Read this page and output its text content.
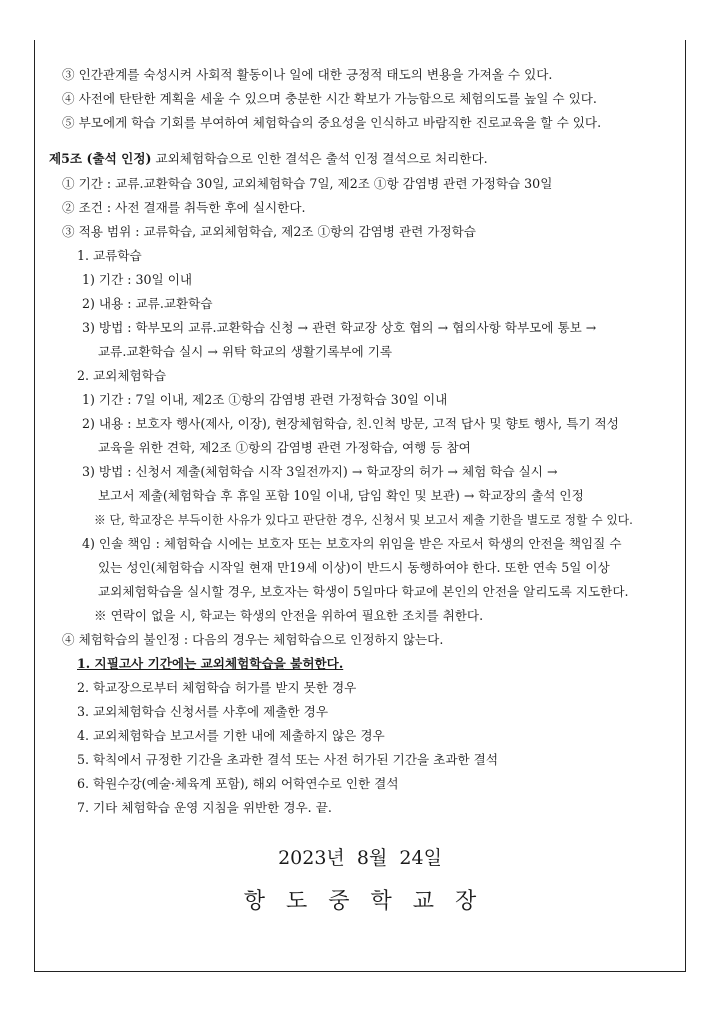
③ 인간관계를 숙성시켜 사회적 활동이나 일에 대한 긍정적 태도의 변용을 가져올 수 있다.
④ 사전에 탄탄한 계획을 세울 수 있으며 충분한 시간 확보가 가능함으로 체험의도를 높일 수 있다.
⑤ 부모에게 학습 기회를 부여하여 체험학습의 중요성을 인식하고 바람직한 진로교육을 할 수 있다.
제5조 (출석 인정) 교외체험학습으로 인한 결석은 출석 인정 결석으로 처리한다.
① 기간 : 교류.교환학습 30일, 교외체험학습 7일, 제2조 ①항 감염병 관련 가정학습 30일
② 조건 : 사전 결재를 취득한 후에 실시한다.
③ 적용 범위 : 교류학습, 교외체험학습, 제2조 ①항의 감염병 관련 가정학습
1. 교류학습
1) 기간 : 30일 이내
2) 내용 : 교류.교환학습
3) 방법 : 학부모의 교류.교환학습 신청 → 관련 학교장 상호 협의 → 협의사항 학부모에 통보 →
교류.교환학습 실시 → 위탁 학교의 생활기록부에 기록
2. 교외체험학습
1) 기간 : 7일 이내, 제2조 ①항의 감염병 관련 가정학습 30일 이내
2) 내용 : 보호자 행사(제사, 이장), 현장체험학습, 친.인척 방문, 고적 답사 및 향토 행사, 특기 적성
교육을 위한 견학, 제2조 ①항의 감염병 관련 가정학습, 여행 등 참여
3) 방법 : 신청서 제출(체험학습 시작 3일전까지) → 학교장의 허가 → 체험 학습 실시 →
보고서 제출(체험학습 후 휴일 포함 10일 이내, 담임 확인 및 보관) → 학교장의 출석 인정
※ 단, 학교장은 부득이한 사유가 있다고 판단한 경우, 신청서 및 보고서 제출 기한을 별도로 정할 수 있다.
4) 인솔 책임 : 체험학습 시에는 보호자 또는 보호자의 위임을 받은 자로서 학생의 안전을 책임질 수
있는 성인(체험학습 시작일 현재 만19세 이상)이 반드시 동행하여야 한다. 또한 연속 5일 이상
교외체험학습을 실시할 경우, 보호자는 학생이 5일마다 학교에 본인의 안전을 알리도록 지도한다.
※ 연락이 없을 시, 학교는 학생의 안전을 위하여 필요한 조치를 취한다.
④ 체험학습의 불인정 : 다음의 경우는 체험학습으로 인정하지 않는다.
1. 지필고사 기간에는 교외체험학습을 불허한다.
2. 학교장으로부터 체험학습 허가를 받지 못한 경우
3. 교외체험학습 신청서를 사후에 제출한 경우
4. 교외체험학습 보고서를 기한 내에 제출하지 않은 경우
5. 학칙에서 규정한 기간을 초과한 결석 또는 사전 허가된 기간을 초과한 결석
6. 학원수강(예술·체육계 포함), 해외 어학연수로 인한 결석
7. 기타 체험학습 운영 지침을 위반한 경우. 끝.
2023년  8월  24일
항도중학교장
